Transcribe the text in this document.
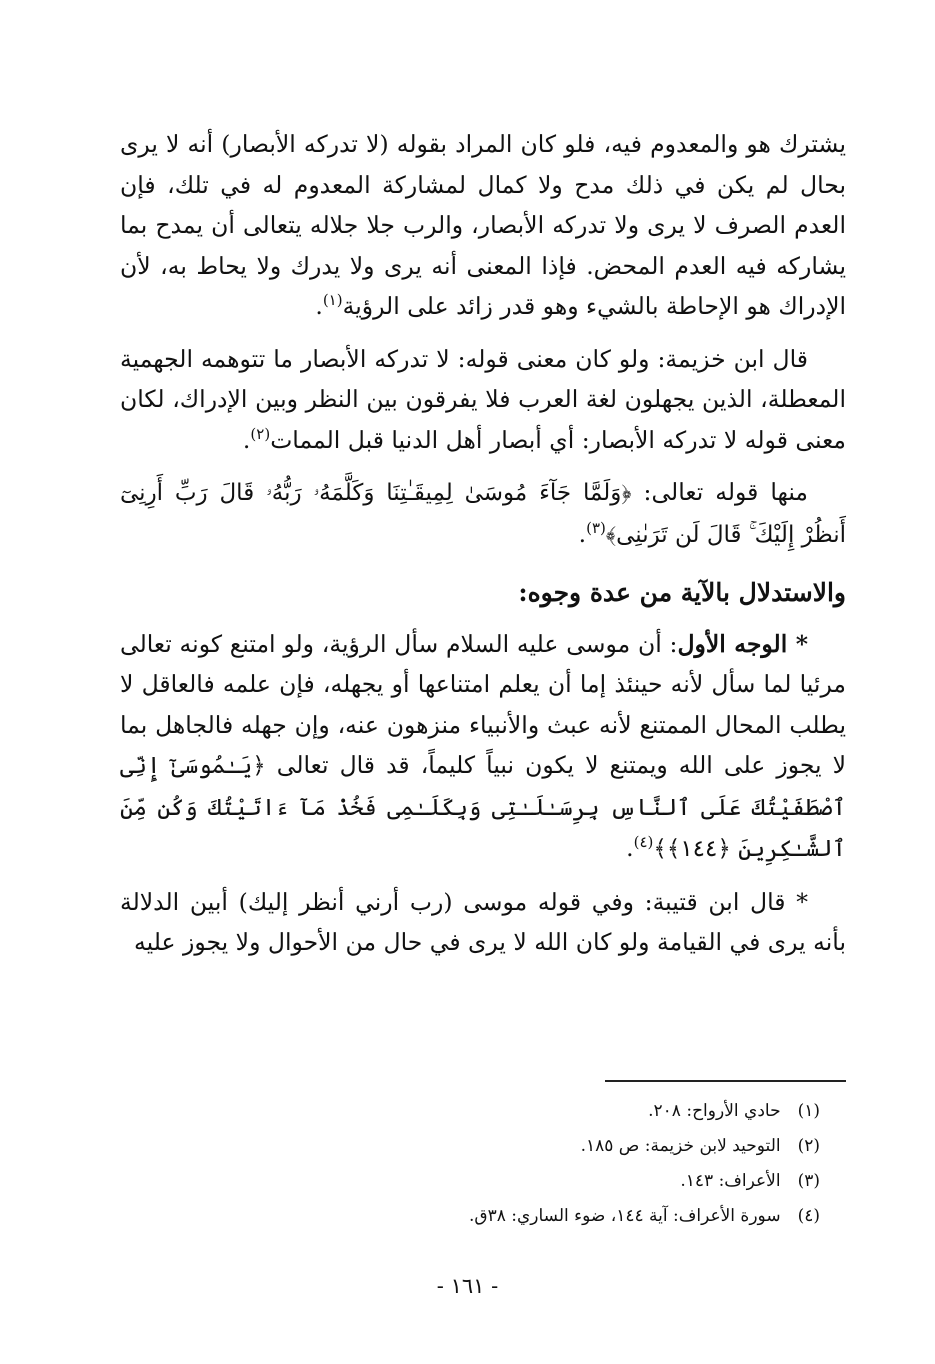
يشترك هو والمعدوم فيه، فلو كان المراد بقوله (لا تدركه الأبصار) أنه لا يرى بحال لم يكن في ذلك مدح ولا كمال لمشاركة المعدوم له في تلك، فإن العدم الصرف لا يرى ولا تدركه الأبصار، والرب جلا جلاله يتعالى أن يمدح بما يشاركه فيه العدم المحض. فإذا المعنى أنه يرى ولا يدرك ولا يحاط به، لأن الإدراك هو الإحاطة بالشيء وهو قدر زائد على الرؤية$^{(١)}$.

قال ابن خزيمة: ولو كان معنى قوله: لا تدركه الأبصار ما تتوهمه الجهمية المعطلة، الذين يجهلون لغة العرب فلا يفرقون بين النظر وبين الإدراك، لكان معنى قوله لا تدركه الأبصار: أي أبصار أهل الدنيا قبل الممات$^{(٢)}$.

منها قوله تعالى: ﴿وَلَمَّا جَآءَ مُوسَىٰ لِمِيقَـٰتِنَا وَكَلَّمَهُۥ رَبُّهُۥ قَالَ رَبِّ أَرِنِىٓ أَنظُرْ إِلَيْكَ ۚ قَالَ لَن تَرَىٰنِى﴾$^{(٣)}$.

والاستدلال بالآية من عدة وجوه:

* الوجه الأول: أن موسى عليه السلام سأل الرؤية، ولو امتنع كونه تعالى مرئيا لما سأل لأنه حينئذ إما أن يعلم امتناعها أو يجهله، فإن علمه فالعاقل لا يطلب المحال الممتنع لأنه عبث والأنبياء منزهون عنه، وإن جهله فالجاهل بما لا يجوز على الله ويمتنع لا يكون نبياً كليماً، قد قال تعالى ﴿يَـٰمُوسَىٰٓ إِنِّى ٱصْطَفَيْتُكَ عَلَى ٱلنَّاسِ بِرِسَـٰلَـٰتِى وَبِكَلَـٰمِى فَخُذْ مَآ ءَاتَيْتُكَ وَكُن مِّنَ ٱلشَّـٰكِرِينَ ﴿١٤٤﴾﴾$^{(٤)}$.

* قال ابن قتيبة: وفي قوله موسى (رب أرني أنظر إليك) أبين الدلالة بأنه يرى في القيامة ولو كان الله لا يرى في حال من الأحوال ولا يجوز عليه

(١) حادي الأرواح: ٢٠٨.
(٢) التوحيد لابن خزيمة: ص ١٨٥.
(٣) الأعراف: ١٤٣.
(٤) سورة الأعراف: آية ١٤٤، ضوء الساري: ٣٨ق.
- ١٦١ -
